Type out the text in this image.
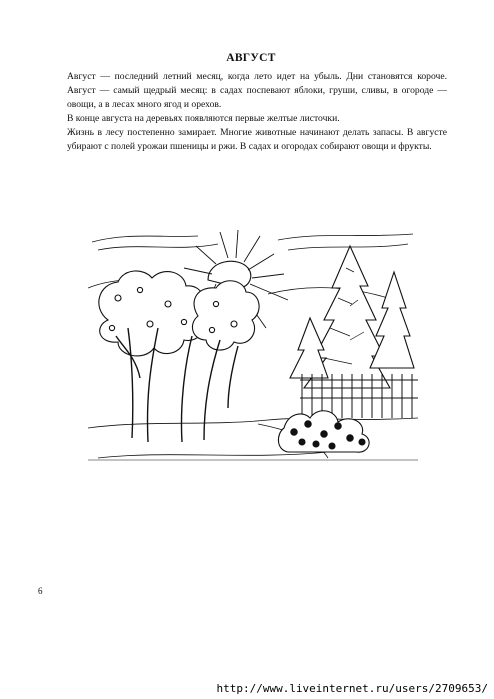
АВГУСТ

Август — последний летний месяц, когда лето идет на убыль. Дни становятся короче. Август — самый щедрый месяц: в садах поспевают яблоки, груши, сливы, в огороде — овощи, а в лесах много ягод и орехов.

В конце августа на деревьях появляются первые желтые листочки.

Жизнь в лесу постепенно замирает. Многие животные начинают делать запасы. В августе убирают с полей урожаи пшеницы и ржи. В садах и огородах собирают овощи и фрукты.

6
http://www.liveinternet.ru/users/2709653/
